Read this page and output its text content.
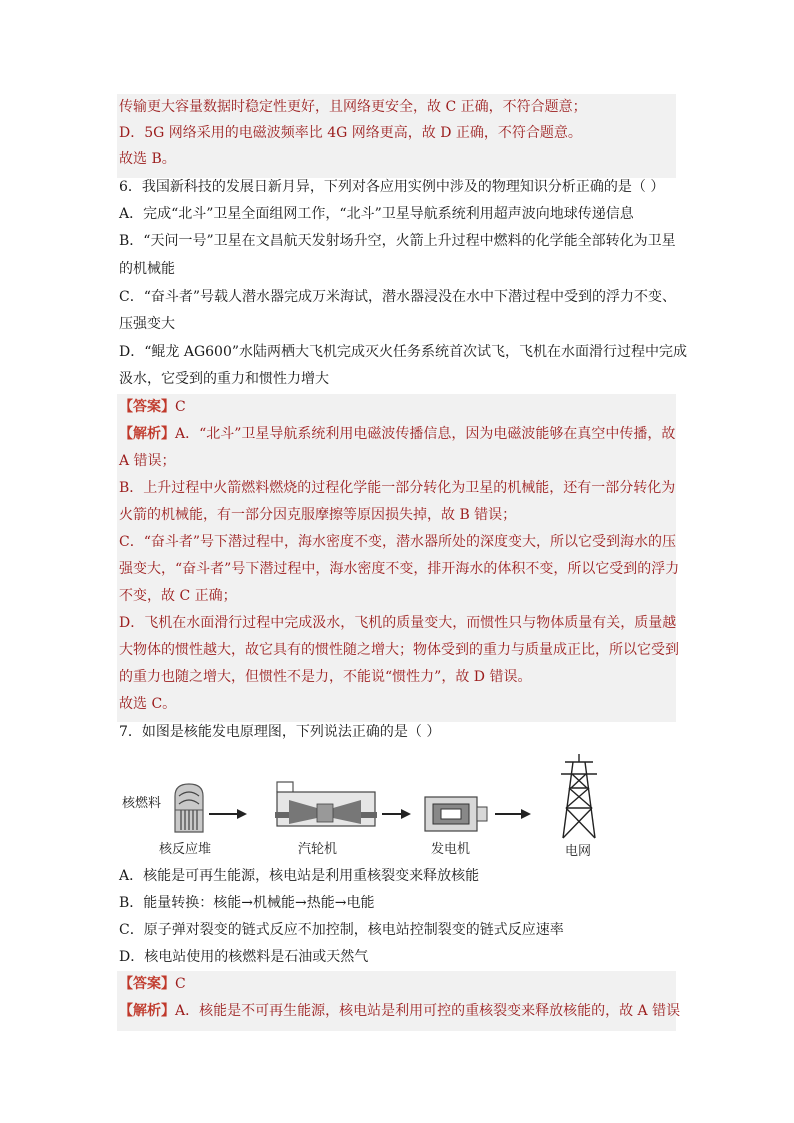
传输更大容量数据时稳定性更好，且网络更安全，故 C 正确，不符合题意；
D．5G 网络采用的电磁波频率比 4G 网络更高，故 D 正确，不符合题意。
故选 B。
6．我国新科技的发展日新月异，下列对各应用实例中涉及的物理知识分析正确的是（ ）
A．完成“北斗”卫星全面组网工作，“北斗”卫星导航系统利用超声波向地球传递信息
B．“天问一号”卫星在文昌航天发射场升空，火箭上升过程中燃料的化学能全部转化为卫星
的机械能
C．“奋斗者”号载人潜水器完成万米海试，潜水器浸没在水中下潜过程中受到的浮力不变、
压强变大
D．“鲲龙 AG600”水陆两栖大飞机完成灭火任务系统首次试飞，飞机在水面滑行过程中完成
汲水，它受到的重力和惯性力增大
【答案】C
【解析】A．“北斗”卫星导航系统利用电磁波传播信息，因为电磁波能够在真空中传播，故
A 错误；
B．上升过程中火箭燃料燃烧的过程化学能一部分转化为卫星的机械能，还有一部分转化为
火箭的机械能，有一部分因克服摩擦等原因损失掉，故 B 错误；
C．“奋斗者”号下潜过程中，海水密度不变，潜水器所处的深度变大，所以它受到海水的压
强变大，“奋斗者”号下潜过程中，海水密度不变，排开海水的体积不变，所以它受到的浮力
不变，故 C 正确；
D．飞机在水面滑行过程中完成汲水，飞机的质量变大，而惯性只与物体质量有关，质量越
大物体的惯性越大，故它具有的惯性随之增大；物体受到的重力与质量成正比，所以它受到
的重力也随之增大，但惯性不是力，不能说“惯性力”，故 D 错误。
故选 C。
7．如图是核能发电原理图，下列说法正确的是（ ）
核燃料
核反应堆	汽轮机	发电机	电网
A．核能是可再生能源，核电站是利用重核裂变来释放核能
B．能量转换：核能→机械能→热能→电能
C．原子弹对裂变的链式反应不加控制，核电站控制裂变的链式反应速率
D．核电站使用的核燃料是石油或天然气
【答案】C
【解析】A．核能是不可再生能源，核电站是利用可控的重核裂变来释放核能的，故 A 错误
